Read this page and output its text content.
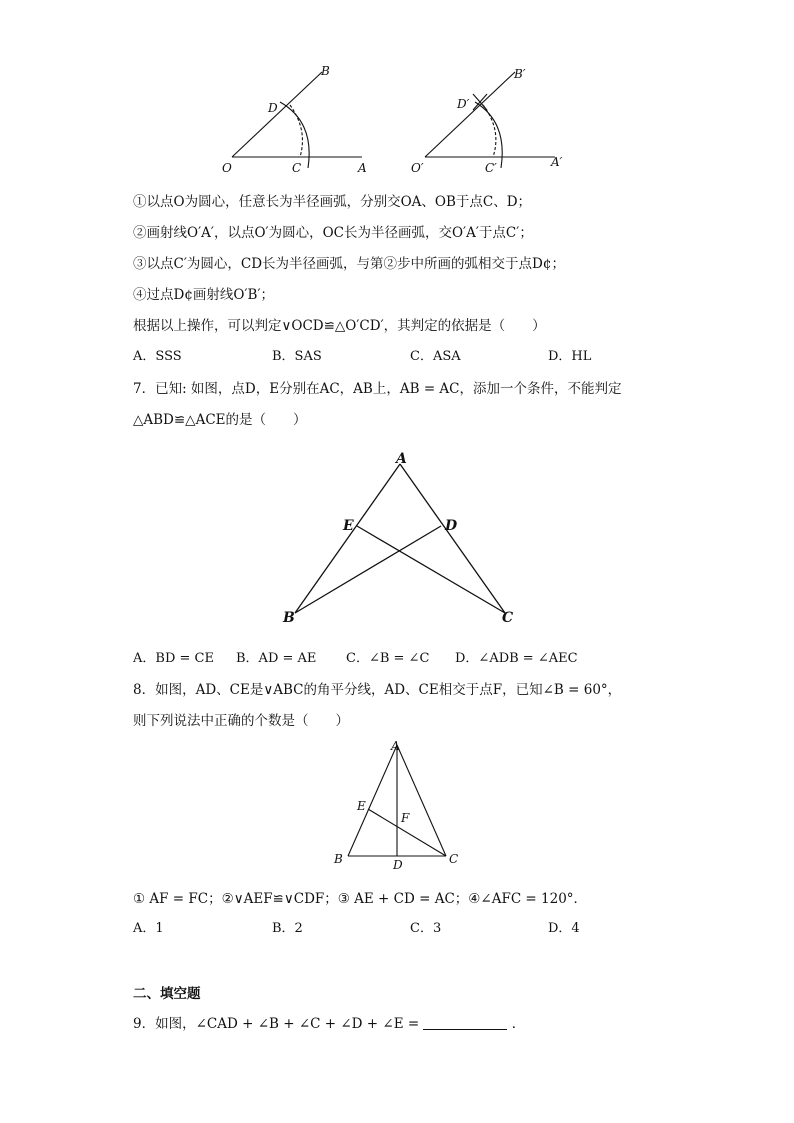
O	A
B
C
D
O′	A′
B′
C′
D′
①以点O为圆心，任意长为半径画弧，分别交OA、OB于点C、D；
②画射线O′A′，以点O′为圆心，OC长为半径画弧，交O′A′于点C′；
③以点C′为圆心，CD长为半径画弧，与第②步中所画的弧相交于点D¢；
④过点D¢画射线O′B′；
根据以上操作，可以判定∨OCD≌△O′CD′，其判定的依据是（　　）
A．SSS	B．SAS	C．ASA	D．HL
7．已知: 如图，点D，E分别在AC，AB上，AB = AC，添加一个条件，不能判定
△ABD≌△ACE的是（　　）
A
B	C
D
E
A．BD = CE B．AD = AE C．∠B = ∠C D．∠ADB = ∠AEC
8．如图，AD、CE是∨ABC的角平分线，AD、CE相交于点F，已知∠B = 60°，
则下列说法中正确的个数是（　　）
A
B	C
D
E
F
① AF = FC；②∨AEF≌∨CDF；③ AE + CD = AC；④∠AFC = 120°．
A．1	B．2	C．3	D．4
二、填空题
9．如图，∠CAD + ∠B + ∠C + ∠D + ∠E =	．
